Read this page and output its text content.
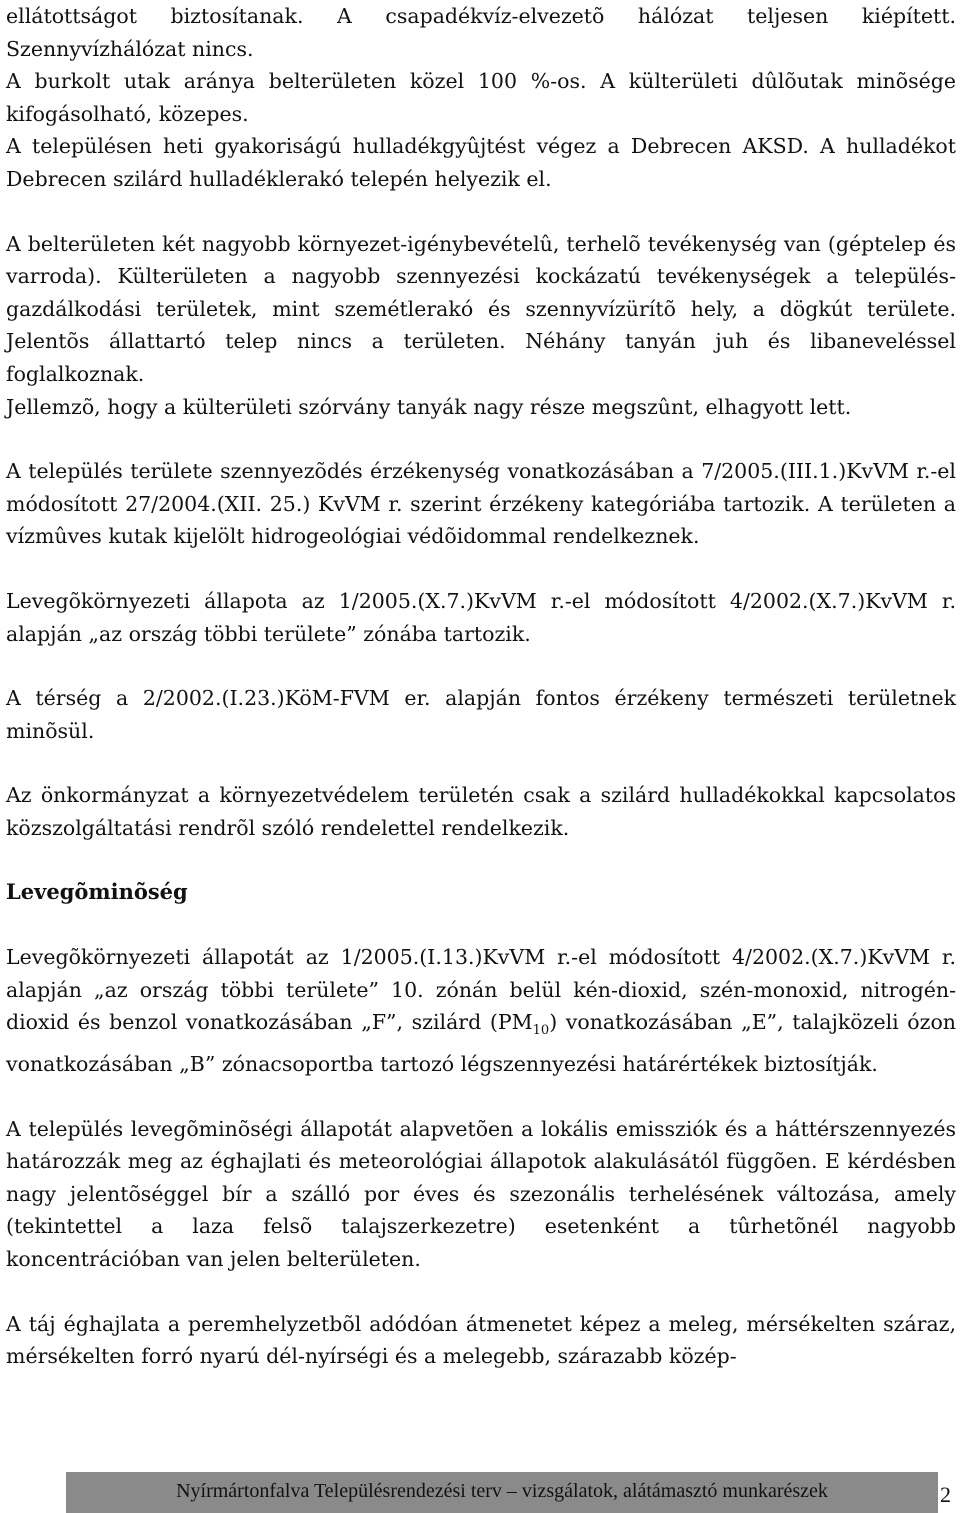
ellátottságot biztosítanak. A csapadékvíz-elvezetõ hálózat teljesen kiépített. Szennyvízhálózat nincs.
A burkolt utak aránya belterületen közel 100 %-os. A külterületi dûlõutak minõsége kifogásolható, közepes.
A településen heti gyakoriságú hulladékgyûjtést végez a Debrecen AKSD. A hulladékot Debrecen szilárd hulladéklerakó telepén helyezik el.

A belterületen két nagyobb környezet-igénybevételû, terhelõ tevékenység van (géptelep és varroda). Külterületen a nagyobb szennyezési kockázatú tevékenységek a település-gazdálkodási területek, mint szemétlerakó és szennyvízürítõ hely, a dögkút területe. Jelentõs állattartó telep nincs a területen. Néhány tanyán juh és libaneveléssel foglalkoznak.
Jellemzõ, hogy a külterületi szórvány tanyák nagy része megszûnt, elhagyott lett.

A település területe szennyezõdés érzékenység vonatkozásában a 7/2005.(III.1.)KvVM r.-el módosított 27/2004.(XII. 25.) KvVM r. szerint érzékeny kategóriába tartozik. A területen a vízmûves kutak kijelölt hidrogeológiai védõidommal rendelkeznek.

Levegõkörnyezeti állapota az 1/2005.(X.7.)KvVM r.-el módosított 4/2002.(X.7.)KvVM r. alapján „az ország többi területe” zónába tartozik.

A térség a 2/2002.(I.23.)KöM-FVM er. alapján fontos érzékeny természeti területnek minõsül.

Az önkormányzat a környezetvédelem területén csak a szilárd hulladékokkal kapcsolatos közszolgáltatási rendrõl szóló rendelettel rendelkezik.

Levegõminõség

Levegõkörnyezeti állapotát az 1/2005.(I.13.)KvVM r.-el módosított 4/2002.(X.7.)KvVM r. alapján „az ország többi területe” 10. zónán belül kén-dioxid, szén-monoxid, nitrogén-dioxid és benzol vonatkozásában „F”, szilárd $(PM_{10})$ vonatkozásában „E”, talajközeli ózon vonatkozásában „B” zónacsoportba tartozó légszennyezési határértékek biztosítják.

A település levegõminõségi állapotát alapvetõen a lokális emissziók és a háttérszennyezés határozzák meg az éghajlati és meteorológiai állapotok alakulásától függõen. E kérdésben nagy jelentõséggel bír a szálló por éves és szezonális terhelésének változása, amely (tekintettel a laza felsõ talajszerkezetre) esetenként a tûrhetõnél nagyobb koncentrációban van jelen belterületen.

A táj éghajlata a peremhelyzetbõl adódóan átmenetet képez a meleg, mérsékelten száraz, mérsékelten forró nyarú dél-nyírségi és a melegebb, szárazabb közép-

Nyírmártonfalva Településrendezési terv – vizsgálatok, alátámasztó munkarészek	2
